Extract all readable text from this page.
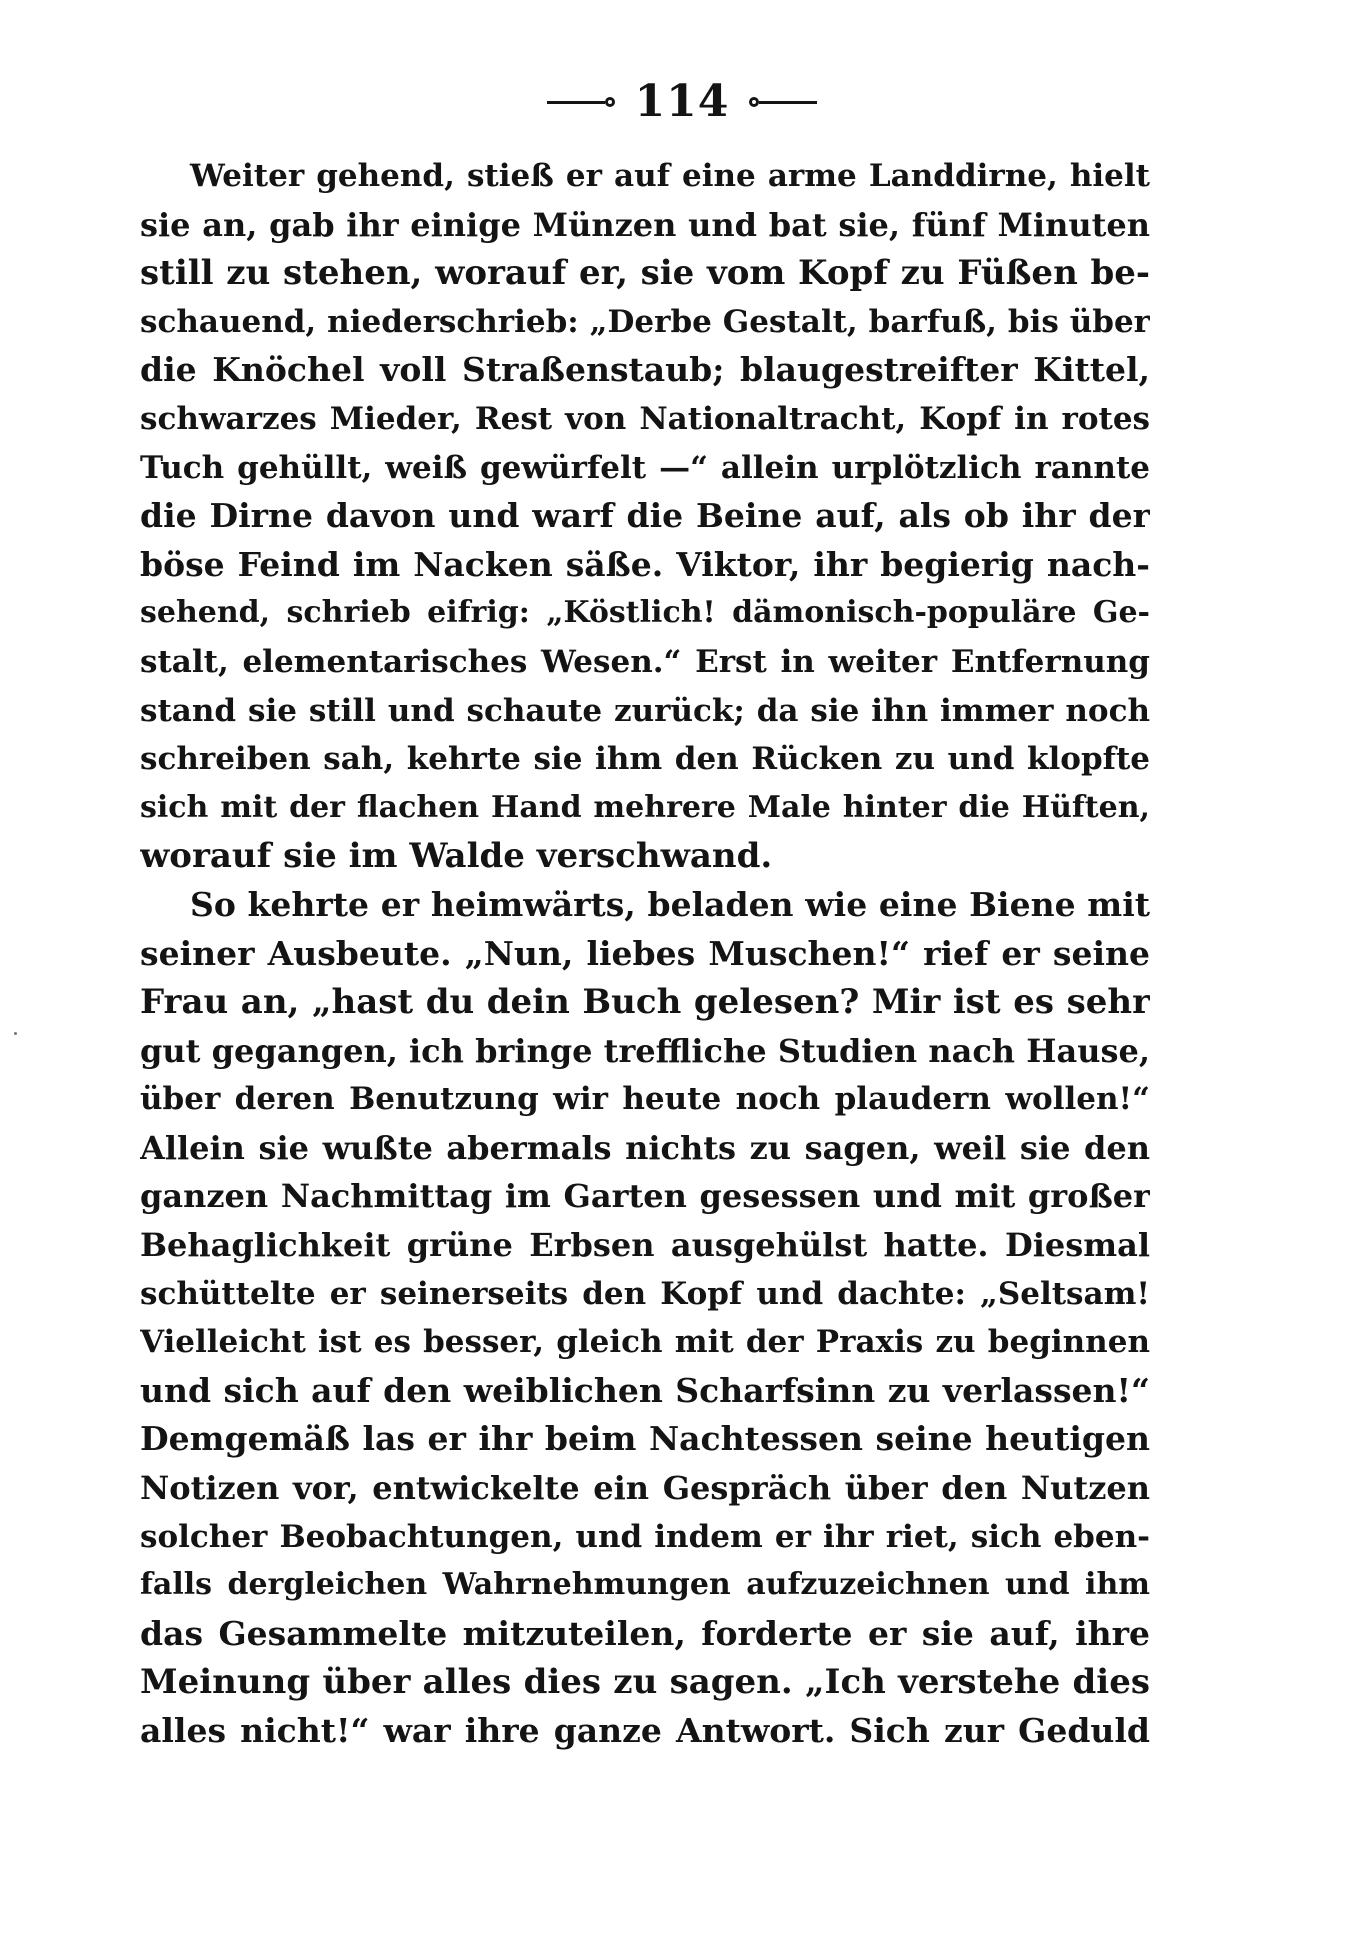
114
Weiter gehend, stieß er auf eine arme Landdirne, hielt
sie an, gab ihr einige Münzen und bat sie, fünf Minuten
still zu stehen, worauf er, sie vom Kopf zu Füßen be-
schauend, niederschrieb: „Derbe Gestalt, barfuß, bis über
die Knöchel voll Straßenstaub; blaugestreifter Kittel,
schwarzes Mieder, Rest von Nationaltracht, Kopf in rotes
Tuch gehüllt, weiß gewürfelt —“ allein urplötzlich rannte
die Dirne davon und warf die Beine auf, als ob ihr der
böse Feind im Nacken säße. Viktor, ihr begierig nach-
sehend, schrieb eifrig: „Köstlich! dämonisch-populäre Ge-
stalt, elementarisches Wesen.“ Erst in weiter Entfernung
stand sie still und schaute zurück; da sie ihn immer noch
schreiben sah, kehrte sie ihm den Rücken zu und klopfte
sich mit der flachen Hand mehrere Male hinter die Hüften,
worauf sie im Walde verschwand.
So kehrte er heimwärts, beladen wie eine Biene mit
seiner Ausbeute. „Nun, liebes Muschen!“ rief er seine
Frau an, „hast du dein Buch gelesen? Mir ist es sehr
gut gegangen, ich bringe treffliche Studien nach Hause,
über deren Benutzung wir heute noch plaudern wollen!“
Allein sie wußte abermals nichts zu sagen, weil sie den
ganzen Nachmittag im Garten gesessen und mit großer
Behaglichkeit grüne Erbsen ausgehülst hatte. Diesmal
schüttelte er seinerseits den Kopf und dachte: „Seltsam!
Vielleicht ist es besser, gleich mit der Praxis zu beginnen
und sich auf den weiblichen Scharfsinn zu verlassen!“
Demgemäß las er ihr beim Nachtessen seine heutigen
Notizen vor, entwickelte ein Gespräch über den Nutzen
solcher Beobachtungen, und indem er ihr riet, sich eben-
falls dergleichen Wahrnehmungen aufzuzeichnen und ihm
das Gesammelte mitzuteilen, forderte er sie auf, ihre
Meinung über alles dies zu sagen. „Ich verstehe dies
alles nicht!“ war ihre ganze Antwort. Sich zur Geduld
